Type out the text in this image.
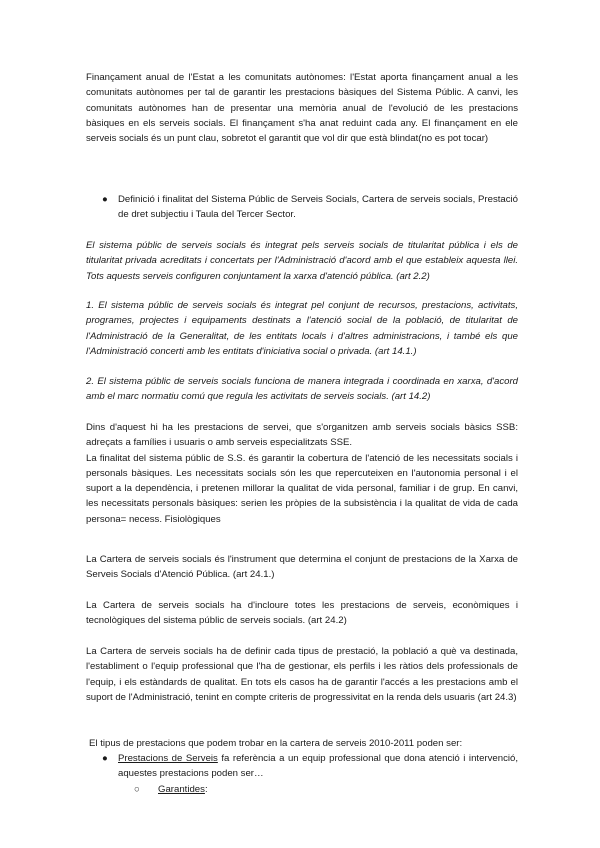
Finançament anual de l'Estat a les comunitats autònomes: l'Estat aporta finançament anual a les comunitats autònomes per tal de garantir les prestacions bàsiques del Sistema Públic. A canvi, les comunitats autònomes han de presentar una memòria anual de l'evolució de les prestacions bàsiques en els serveis socials. El finançament s'ha anat reduint cada any. El finançament en ele serveis socials és un punt clau, sobretot el garantit que vol dir que està blindat(no es pot tocar)

●	Definició i finalitat del Sistema Públic de Serveis Socials, Cartera de serveis socials, Prestació de dret subjectiu i Taula del Tercer Sector.

El sistema públic de serveis socials és integrat pels serveis socials de titularitat pública i els de titularitat privada acreditats i concertats per l'Administració d'acord amb el que estableix aquesta llei. Tots aquests serveis configuren conjuntament la xarxa d'atenció pública. (art 2.2)

1. El sistema públic de serveis socials és integrat pel conjunt de recursos, prestacions, activitats, programes, projectes i equipaments destinats a l'atenció social de la població, de titularitat de l'Administració de la Generalitat, de les entitats locals i d'altres administracions, i també els que l'Administració concerti amb les entitats d'iniciativa social o privada. (art 14.1.)

2. El sistema públic de serveis socials funciona de manera integrada i coordinada en xarxa, d'acord amb el marc normatiu comú que regula les activitats de serveis socials. (art 14.2)

Dins d'aquest hi ha les prestacions de servei, que s'organitzen amb serveis socials bàsics SSB: adreçats a famílies i usuaris o amb serveis especialitzats SSE.

La finalitat del sistema públic de S.S. és garantir la cobertura de l'atenció de les necessitats socials i personals bàsiques. Les necessitats socials són les que repercuteixen en l'autonomia personal i el suport a la dependència, i pretenen millorar la qualitat de vida personal, familiar i de grup. En canvi, les necessitats personals bàsiques: serien les pròpies de la subsistència i la qualitat de vida de cada persona= necess. Fisiològiques

La Cartera de serveis socials és l'instrument que determina el conjunt de prestacions de la Xarxa de Serveis Socials d'Atenció Pública. (art 24.1.)

La Cartera de serveis socials ha d'incloure totes les prestacions de serveis, econòmiques i tecnològiques del sistema públic de serveis socials. (art 24.2)

La Cartera de serveis socials ha de definir cada tipus de prestació, la població a què va destinada, l'establiment o l'equip professional que l'ha de gestionar, els perfils i les ràtios dels professionals de l'equip, i els estàndards de qualitat. En tots els casos ha de garantir l'accés a les prestacions amb el suport de l'Administració, tenint en compte criteris de progressivitat en la renda dels usuaris (art 24.3)

El tipus de prestacions que podem trobar en la cartera de serveis 2010-2011 poden ser:

●	Prestacions de Serveis fa referència a un equip professional que dona atenció i intervenció, aquestes prestacions poden ser…

○	Garantides:
